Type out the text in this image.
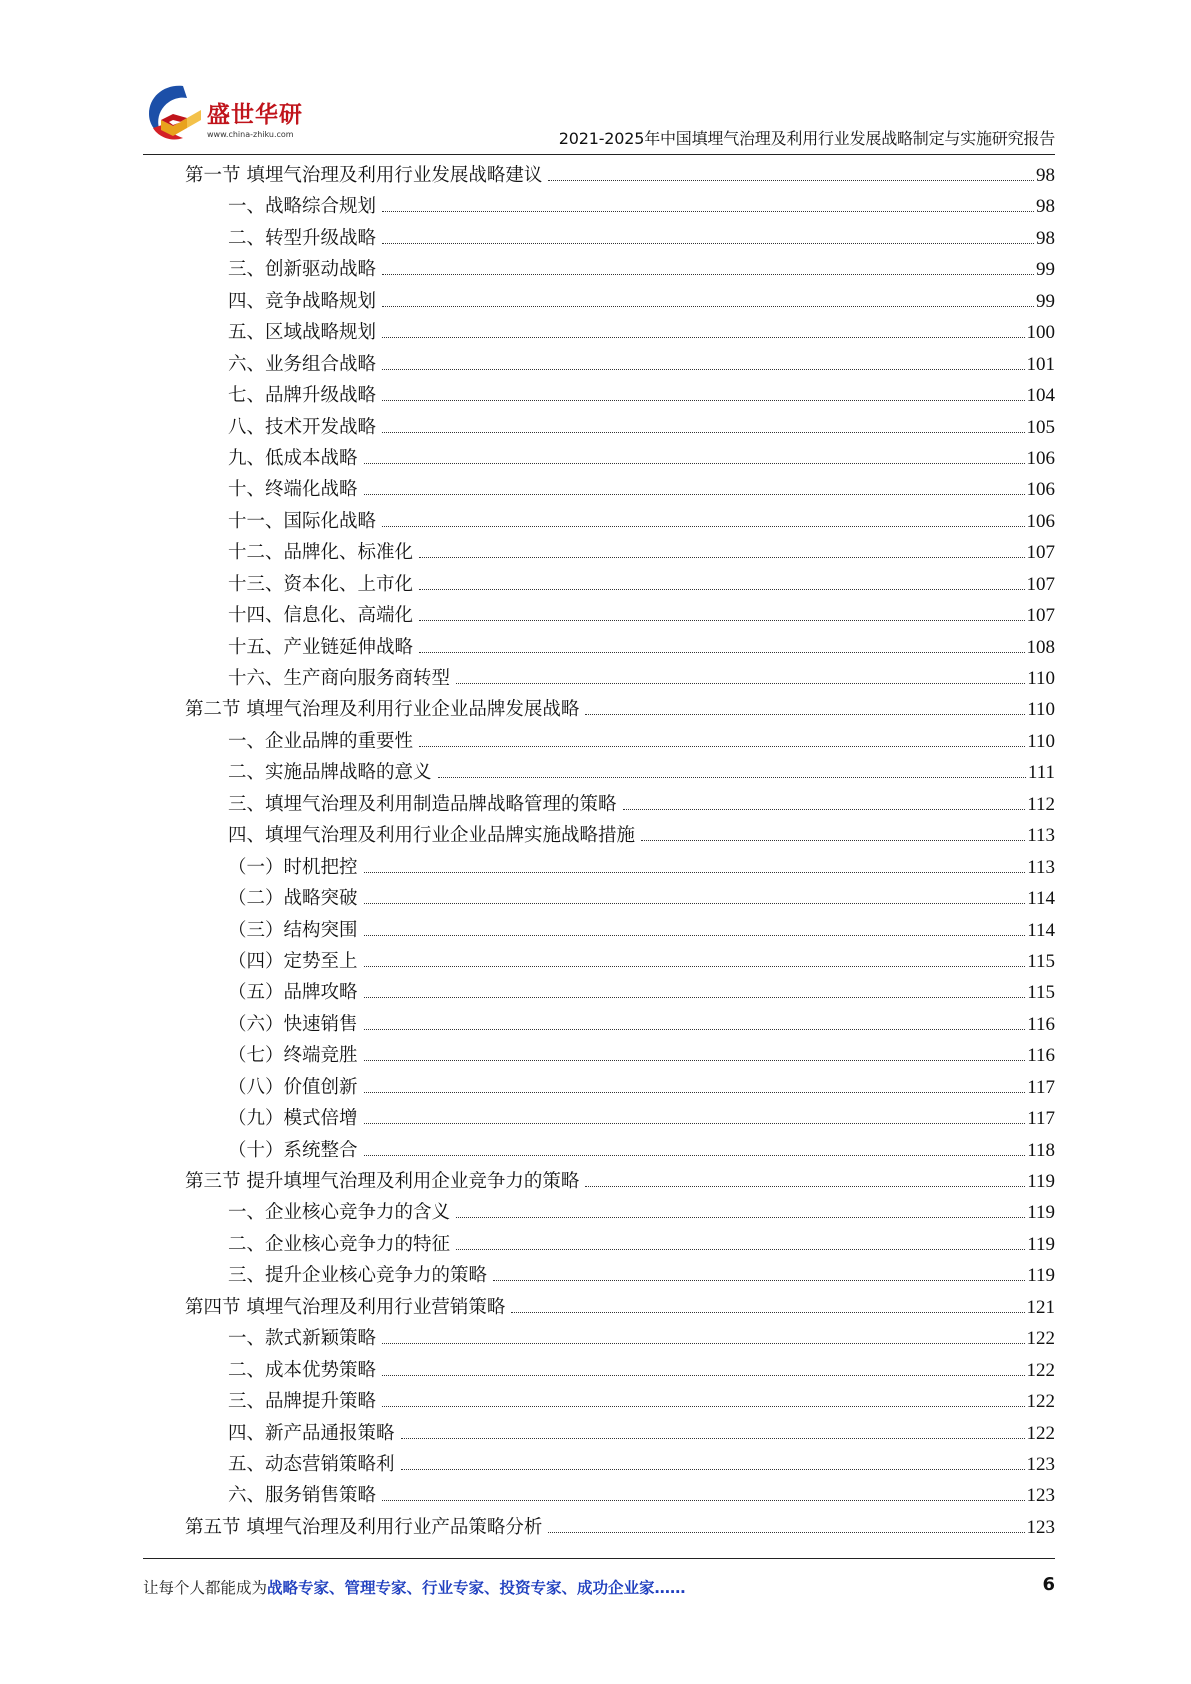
盛世华研
www.china-zhiku.com	2021-2025年中国填埋气治理及利用行业发展战略制定与实施研究报告
第一节 填埋气治理及利用行业发展战略建议	98
一、战略综合规划	98
二、转型升级战略	98
三、创新驱动战略	99
四、竞争战略规划	99
五、区域战略规划	100
六、业务组合战略	101
七、品牌升级战略	104
八、技术开发战略	105
九、低成本战略	106
十、终端化战略	106
十一、国际化战略	106
十二、品牌化、标准化	107
十三、资本化、上市化	107
十四、信息化、高端化	107
十五、产业链延伸战略	108
十六、生产商向服务商转型	110
第二节 填埋气治理及利用行业企业品牌发展战略	110
一、企业品牌的重要性	110
二、实施品牌战略的意义	111
三、填埋气治理及利用制造品牌战略管理的策略	112
四、填埋气治理及利用行业企业品牌实施战略措施	113
（一）时机把控	113
（二）战略突破	114
（三）结构突围	114
（四）定势至上	115
（五）品牌攻略	115
（六）快速销售	116
（七）终端竞胜	116
（八）价值创新	117
（九）模式倍增	117
（十）系统整合	118
第三节 提升填埋气治理及利用企业竞争力的策略	119
一、企业核心竞争力的含义	119
二、企业核心竞争力的特征	119
三、提升企业核心竞争力的策略	119
第四节 填埋气治理及利用行业营销策略	121
一、款式新颖策略	122
二、成本优势策略	122
三、品牌提升策略	122
四、新产品通报策略	122
五、动态营销策略利	123
六、服务销售策略	123
第五节 填埋气治理及利用行业产品策略分析	123
让每个人都能成为战略专家、管理专家、行业专家、投资专家、成功企业家……	6
